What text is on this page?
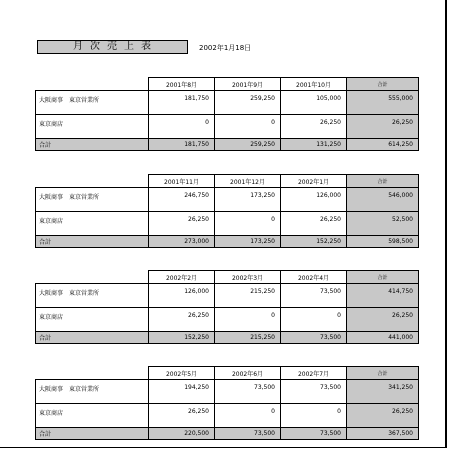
月次売上表	2002年1月18日
	2001年8月	2001年9月	2001年10月	合計
大阪商事　東京営業所	181,750	259,250	105,000	555,000
東京商店	0	0	26,250	26,250
合計	181,750	259,250	131,250	614,250
	2001年11月	2001年12月	2002年1月	合計
大阪商事　東京営業所	246,750	173,250	126,000	546,000
東京商店	26,250	0	26,250	52,500
合計	273,000	173,250	152,250	598,500
	2002年2月	2002年3月	2002年4月	合計
大阪商事　東京営業所	126,000	215,250	73,500	414,750
東京商店	26,250	0	0	26,250
合計	152,250	215,250	73,500	441,000
	2002年5月	2002年6月	2002年7月	合計
大阪商事　東京営業所	194,250	73,500	73,500	341,250
東京商店	26,250	0	0	26,250
合計	220,500	73,500	73,500	367,500
